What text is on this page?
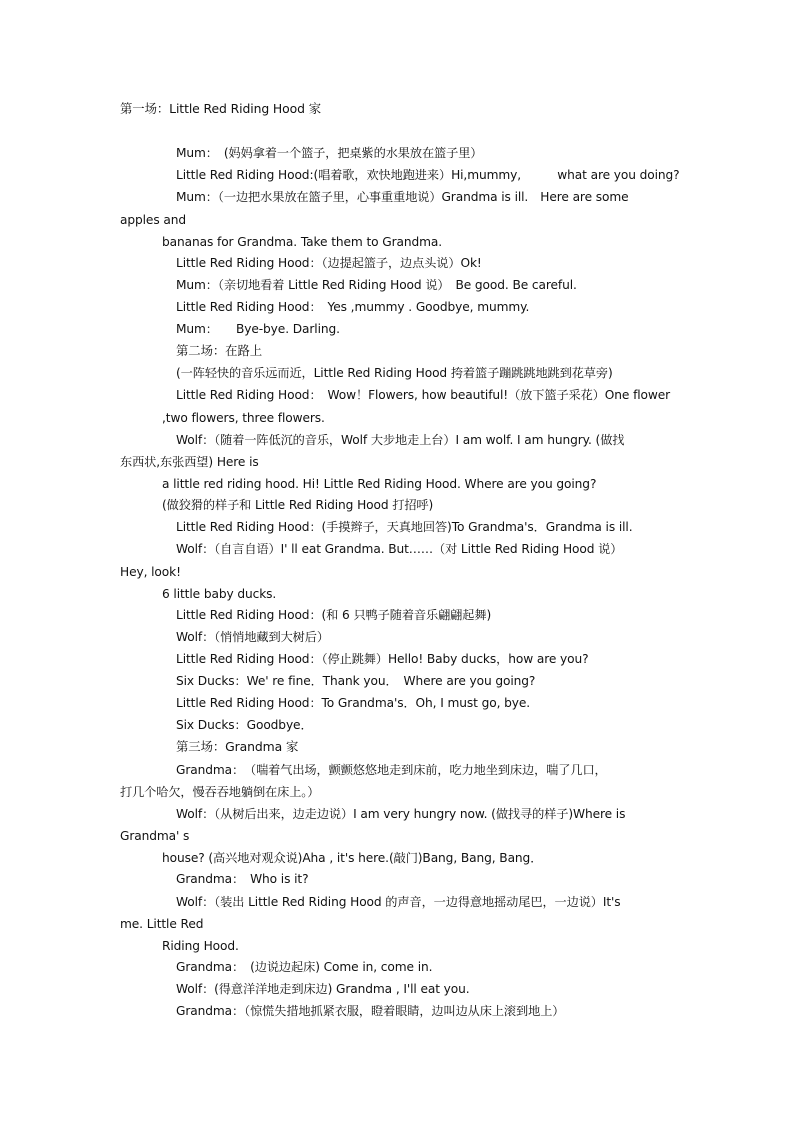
第一场：Little Red Riding Hood 家
Mum：　(妈妈拿着一个篮子，把桌紫的水果放在篮子里）
Little Red Riding Hood:(唱着歌，欢快地跑进来）Hi,mummy,　　　what are you doing?
Mum：（一边把水果放在篮子里，心事重重地说）Grandma is ill.　Here are some
apples and
bananas for Grandma. Take them to Grandma.
Little Red Riding Hood：（边提起篮子，边点头说）Ok!
Mum：（亲切地看着 Little Red Riding Hood 说）　Be good. Be careful.
Little Red Riding Hood：　Yes ,mummy . Goodbye, mummy.
Mum：　　Bye-bye. Darling.
第二场：在路上
(一阵轻快的音乐远而近，Little Red Riding Hood 挎着篮子蹦跳跳地跳到花草旁)
Little Red Riding Hood：　Wow！Flowers, how beautiful!（放下篮子采花）One flower
,two flowers, three flowers.
Wolf：（随着一阵低沉的音乐，Wolf 大步地走上台）I am wolf. I am hungry. (做找
东西状,东张西望) Here is
a little red riding hood. Hi! Little Red Riding Hood. Where are you going?
(做狡猾的样子和 Little Red Riding Hood 打招呼)
Little Red Riding Hood：(手摸辫子，天真地回答)To Grandma's．Grandma is ill.
Wolf：（自言自语）I' ll eat Grandma. But……（对 Little Red Riding Hood 说）
Hey, look!
6 little baby ducks.
Little Red Riding Hood：(和 6 只鸭子随着音乐翩翩起舞)
Wolf：（悄悄地藏到大树后）
Little Red Riding Hood：（停止跳舞）Hello! Baby ducks，how are you?
Six Ducks：We' re fine．Thank you．　Where are you going?
Little Red Riding Hood：To Grandma's．Oh, I must go, bye.
Six Ducks：Goodbye．
第三场：Grandma 家
Grandma：　（喘着气出场，颤颤悠悠地走到床前，吃力地坐到床边，喘了几口，
打几个哈欠，慢吞吞地躺倒在床上。）
Wolf：（从树后出来，边走边说）I am very hungry now. (做找寻的样子)Where is
Grandma' s
house? (高兴地对观众说)Aha , it's here.(敲门)Bang, Bang, Bang．
Grandma：　Who is it?
Wolf：（装出 Little Red Riding Hood 的声音，一边得意地摇动尾巴，一边说）It's
me. Little Red
Riding Hood.
Grandma：　(边说边起床) Come in, come in.
Wolf：(得意洋洋地走到床边) Grandma , I'll eat you.
Grandma：（惊慌失措地抓紧衣服，瞪着眼睛，边叫边从床上滚到地上）
